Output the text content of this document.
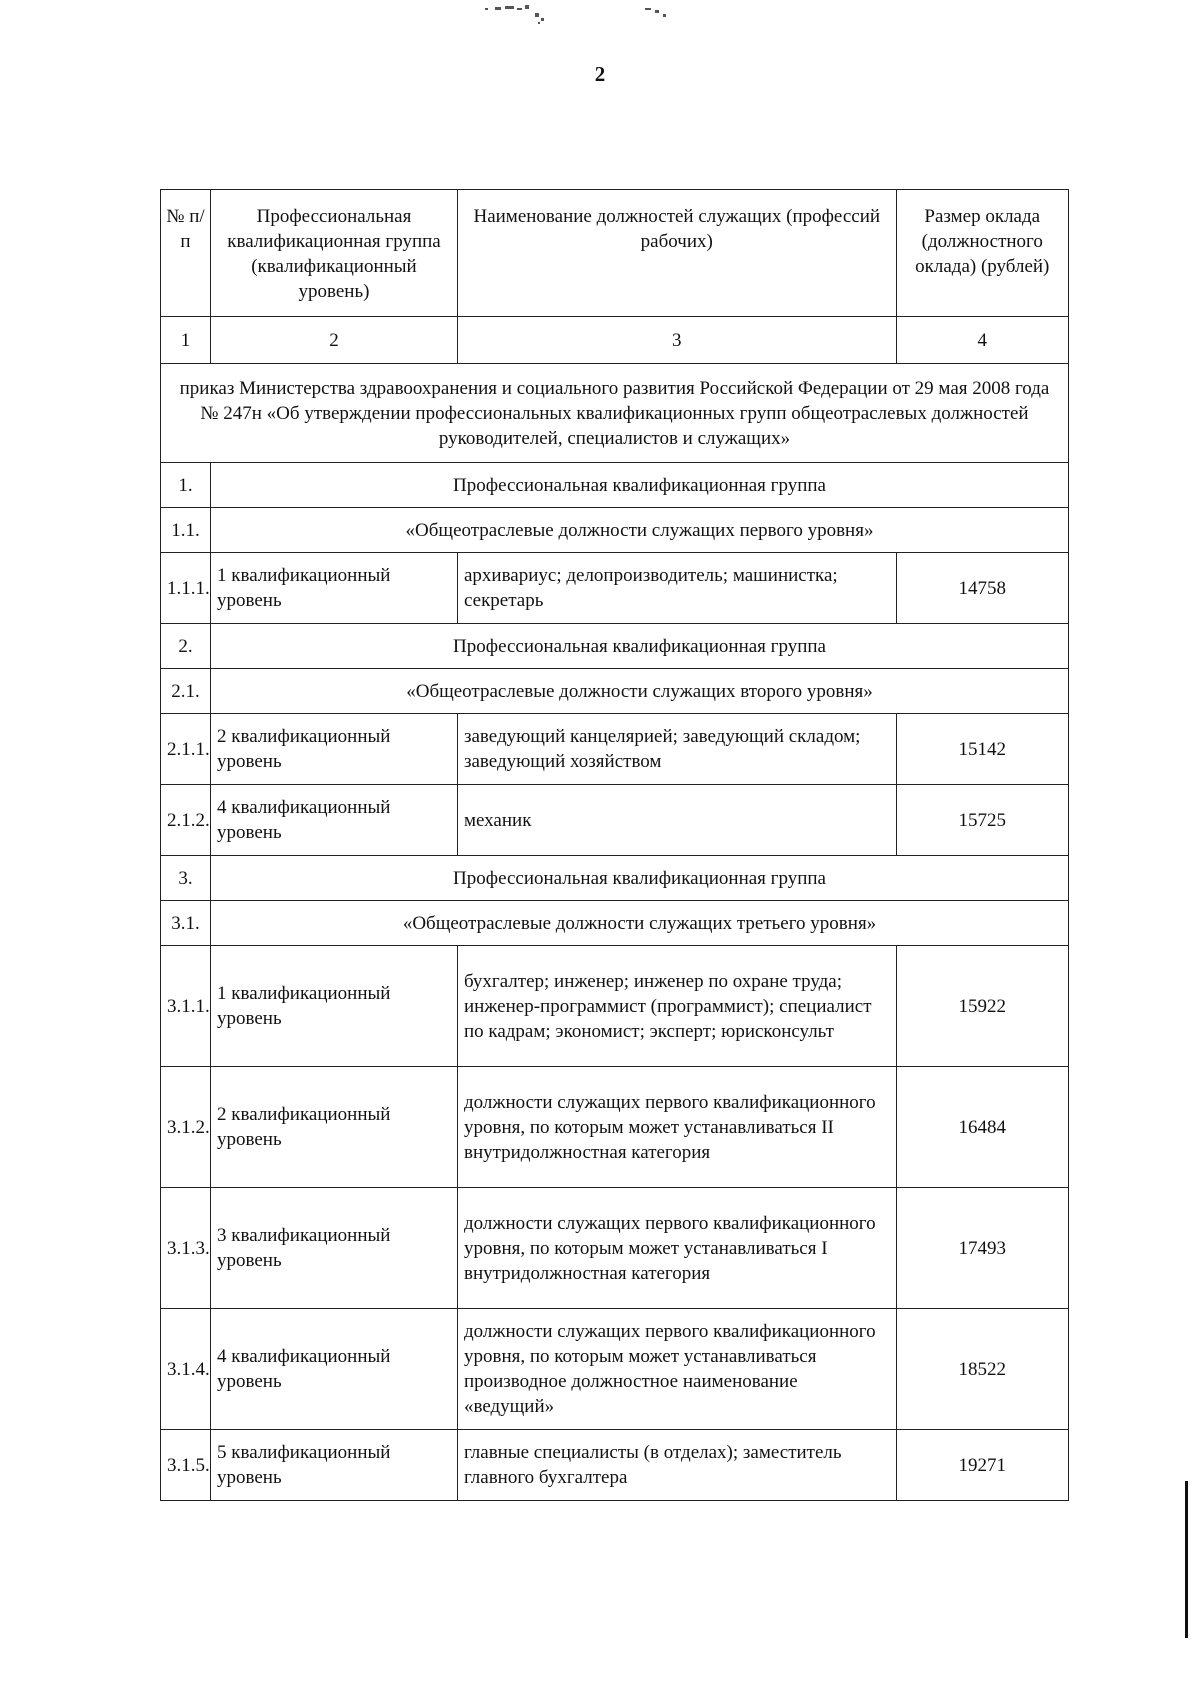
2
№ п/п	Профессиональная квалификационная группа (квалификационный уровень)	Наименование должностей служащих (профессий рабочих)	Размер оклада (должностного оклада) (рублей)
1	2	3	4
приказ Министерства здравоохранения и социального развития Российской Федерации от 29 мая 2008 года № 247н «Об утверждении профессиональных квалификационных групп общеотраслевых должностей руководителей, специалистов и служащих»			
1.	Профессиональная квалификационная группа		
1.1.	«Общеотраслевые должности служащих первого уровня»		
1.1.1.	1 квалификационный уровень	архивариус; делопроизводитель; машинистка; секретарь	14758
2.	Профессиональная квалификационная группа		
2.1.	«Общеотраслевые должности служащих второго уровня»		
2.1.1.	2 квалификационный уровень	заведующий канцелярией; заведующий складом; заведующий хозяйством	15142
2.1.2.	4 квалификационный уровень	механик	15725
3.	Профессиональная квалификационная группа		
3.1.	«Общеотраслевые должности служащих третьего уровня»		
3.1.1.	1 квалификационный уровень	бухгалтер; инженер; инженер по охране труда; инженер-программист (программист); специалист по кадрам; экономист; эксперт; юрисконсульт	15922
3.1.2.	2 квалификационный уровень	должности служащих первого квалификационного уровня, по которым может устанавливаться II внутридолжностная категория	16484
3.1.3.	3 квалификационный уровень	должности служащих первого квалификационного уровня, по которым может устанавливаться I внутридолжностная категория	17493
3.1.4.	4 квалификационный уровень	должности служащих первого квалификационного уровня, по которым может устанавливаться производное должностное наименование «ведущий»	18522
3.1.5.	5 квалификационный уровень	главные специалисты (в отделах); заместитель главного бухгалтера	19271
